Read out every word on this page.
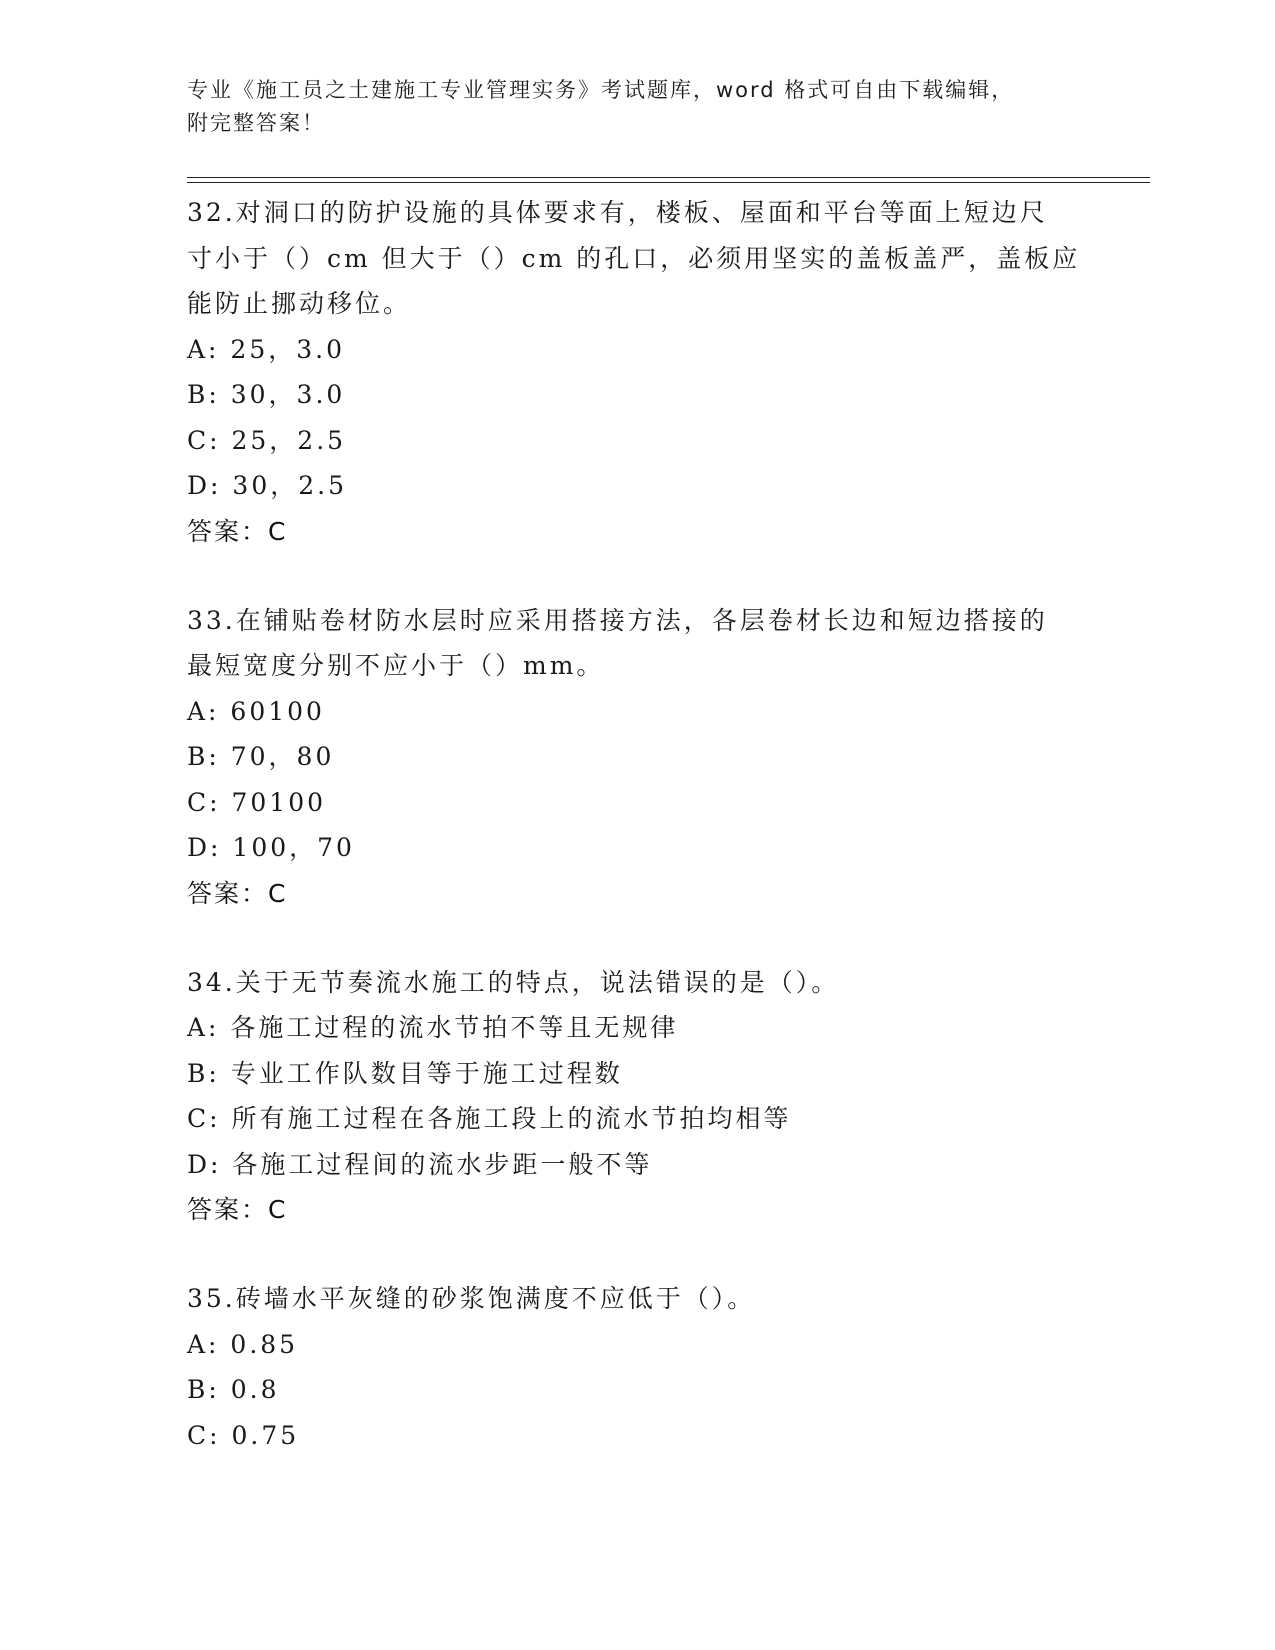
专业《施工员之土建施工专业管理实务》考试题库，word 格式可自由下载编辑，
附完整答案！
32.对洞口的防护设施的具体要求有，楼板、屋面和平台等面上短边尺
寸小于（）cm 但大于（）cm 的孔口，必须用坚实的盖板盖严，盖板应
能防止挪动移位。
A: 25，3.0
B: 30，3.0
C: 25，2.5
D: 30，2.5
答案：C
33.在铺贴卷材防水层时应采用搭接方法，各层卷材长边和短边搭接的
最短宽度分别不应小于（）mm。
A: 60100
B: 70，80
C: 70100
D: 100，70
答案：C
34.关于无节奏流水施工的特点，说法错误的是（）。
A: 各施工过程的流水节拍不等且无规律
B: 专业工作队数目等于施工过程数
C: 所有施工过程在各施工段上的流水节拍均相等
D: 各施工过程间的流水步距一般不等
答案：C
35.砖墙水平灰缝的砂浆饱满度不应低于（）。
A: 0.85
B: 0.8
C: 0.75
